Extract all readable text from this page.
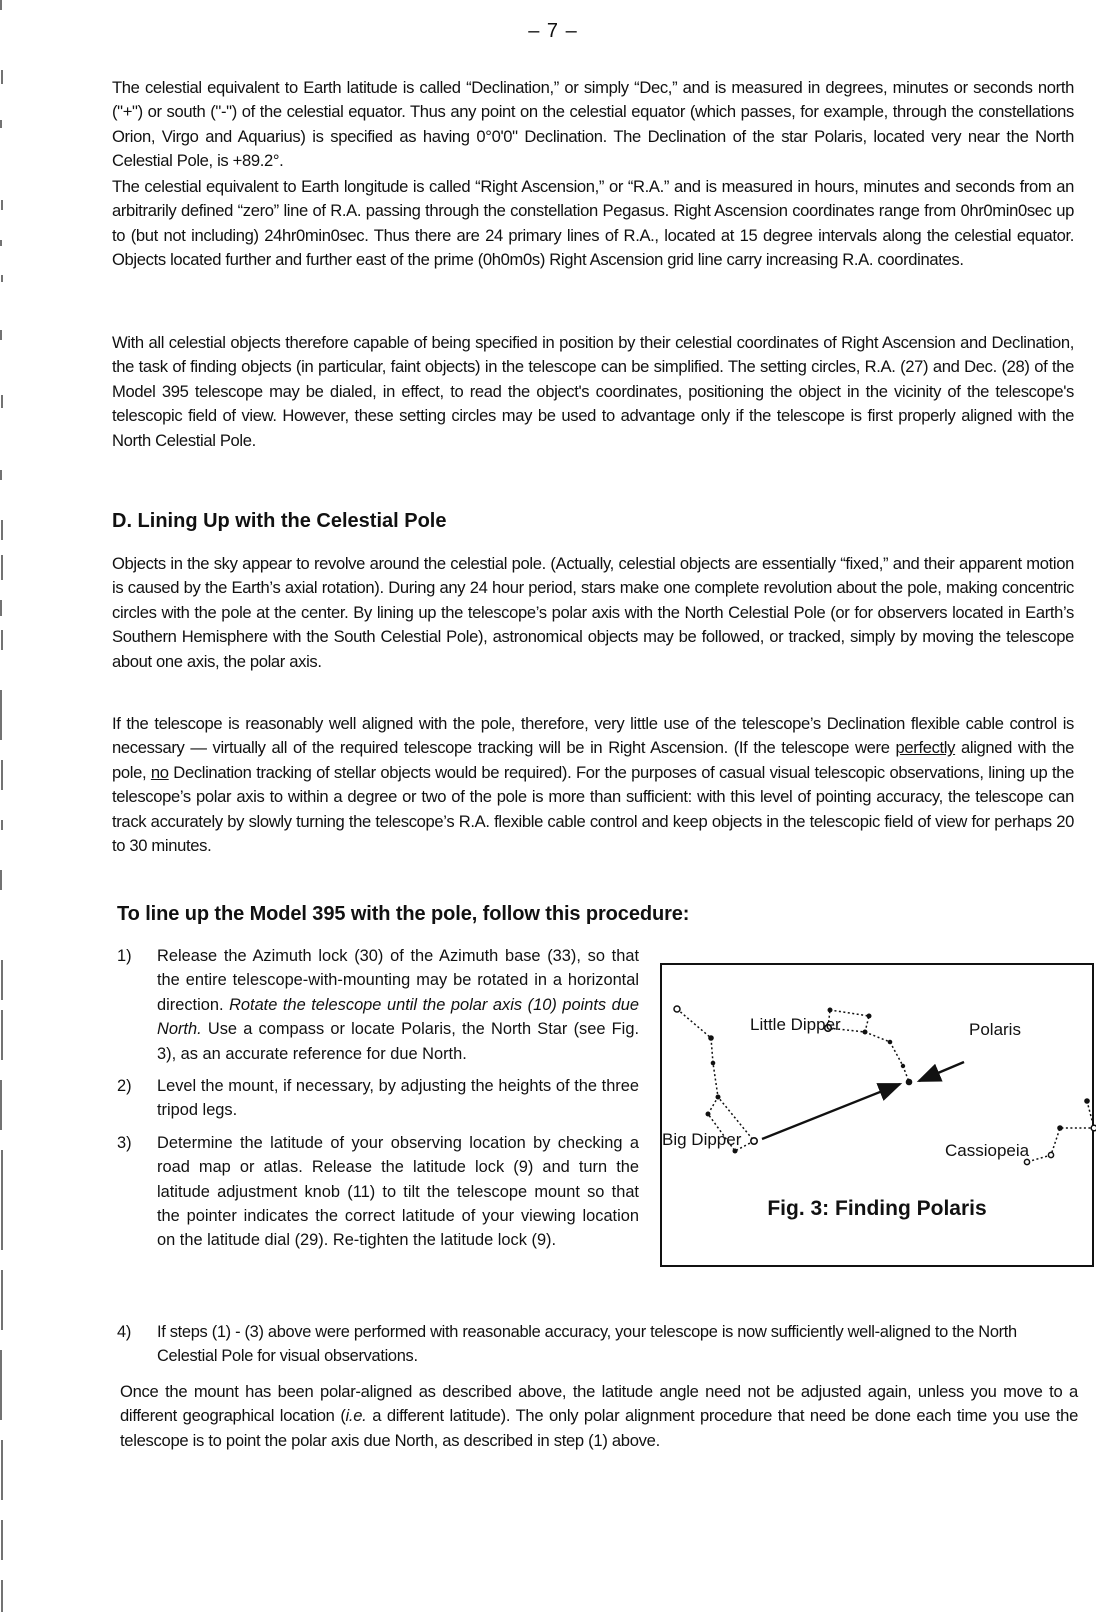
– 7 –

The celestial equivalent to Earth latitude is called “Declination,” or simply “Dec,” and is measured in degrees, minutes or seconds north ("+") or south ("-") of the celestial equator. Thus any point on the celestial equator (which passes, for example, through the constellations Orion, Virgo and Aquarius) is specified as having 0°0'0" Declination. The Declination of the star Polaris, located very near the North Celestial Pole, is +89.2°.

The celestial equivalent to Earth longitude is called “Right Ascension,” or “R.A.” and is measured in hours, minutes and seconds from an arbitrarily defined “zero” line of R.A. passing through the constellation Pegasus. Right Ascension coordinates range from 0hr0min0sec up to (but not including) 24hr0min0sec. Thus there are 24 primary lines of R.A., located at 15 degree intervals along the celestial equator. Objects located further and further east of the prime (0h0m0s) Right Ascension grid line carry increasing R.A. coordinates.

With all celestial objects therefore capable of being specified in position by their celestial coordinates of Right Ascension and Declination, the task of finding objects (in particular, faint objects) in the telescope can be simplified. The setting circles, R.A. (27) and Dec. (28) of the Model 395 telescope may be dialed, in effect, to read the object's coordinates, positioning the object in the vicinity of the telescope's telescopic field of view. However, these setting circles may be used to advantage only if the telescope is first properly aligned with the North Celestial Pole.

D. Lining Up with the Celestial Pole

Objects in the sky appear to revolve around the celestial pole. (Actually, celestial objects are essentially “fixed,” and their apparent motion is caused by the Earth’s axial rotation). During any 24 hour period, stars make one complete revolution about the pole, making concentric circles with the pole at the center. By lining up the telescope’s polar axis with the North Celestial Pole (or for observers located in Earth’s Southern Hemisphere with the South Celestial Pole), astronomical objects may be followed, or tracked, simply by moving the telescope about one axis, the polar axis.

If the telescope is reasonably well aligned with the pole, therefore, very little use of the telescope’s Declination flexible cable control is necessary — virtually all of the required telescope tracking will be in Right Ascension. (If the telescope were perfectly aligned with the pole, no Declination tracking of stellar objects would be required). For the purposes of casual visual telescopic observations, lining up the telescope’s polar axis to within a degree or two of the pole is more than sufficient: with this level of pointing accuracy, the telescope can track accurately by slowly turning the telescope’s R.A. flexible cable control and keep objects in the telescopic field of view for perhaps 20 to 30 minutes.

To line up the Model 395 with the pole, follow this procedure:
1) Release the Azimuth lock (30) of the Azimuth base (33), so that the entire telescope-with-mounting may be rotated in a horizontal direction. Rotate the telescope until the polar axis (10) points due North. Use a compass or locate Polaris, the North Star (see Fig. 3), as an accurate reference for due North.
2) Level the mount, if necessary, by adjusting the heights of the three tripod legs.
3) Determine the latitude of your observing location by checking a road map or atlas. Release the latitude lock (9) and turn the latitude adjustment knob (11) to tilt the telescope mount so that the pointer indicates the correct latitude of your viewing location on the latitude dial (29). Re-tighten the latitude lock (9).
4)	If steps (1) - (3) above were performed with reasonable accuracy, your telescope is now sufficiently well-aligned to the North Celestial Pole for visual observations.
Once the mount has been polar-aligned as described above, the latitude angle need not be adjusted again, unless you move to a different geographical location (i.e. a different latitude). The only polar alignment procedure that need be done each time you use the telescope is to point the polar axis due North, as described in step (1) above.
Little Dipper	Polaris
Big Dipper
Cassiopeia
Fig. 3: Finding Polaris
